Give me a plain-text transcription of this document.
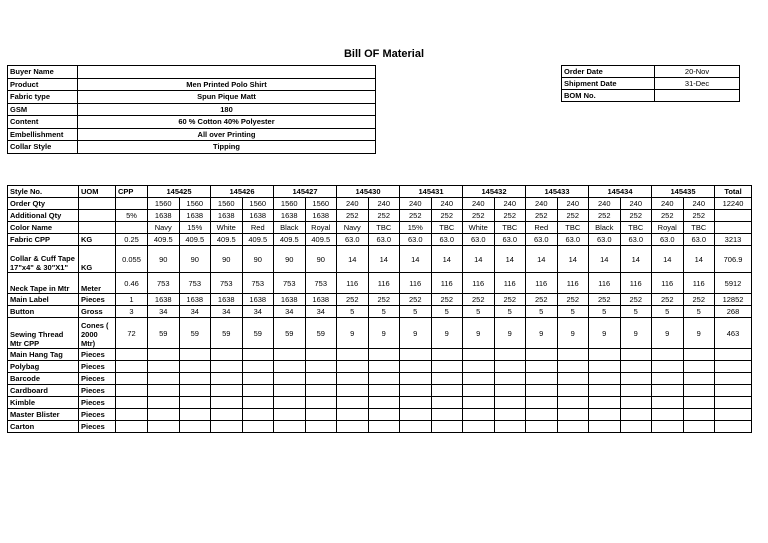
Bill OF Material
Buyer Name	
Product	Men Printed Polo Shirt
Fabric type	Spun Pique Matt
GSM	180
Content	60 % Cotton 40% Polyester
Embellishment	All over Printing
Collar Style	Tipping
Order Date	20-Nov
Shipment Date	31-Dec
BOM No.	
Style No.	UOM	CPP	145425		145426		145427		145430		145431		145432		145433		145434		145435		Total
Order Qty			1560	1560	1560	1560	1560	1560	240	240	240	240	240	240	240	240	240	240	240	240	12240
Additional Qty		5%	1638	1638	1638	1638	1638	1638	252	252	252	252	252	252	252	252	252	252	252	252	
Color Name			Navy	15%	White	Red	Black	Royal	Navy	TBC	15%	TBC	White	TBC	Red	TBC	Black	TBC	Royal	TBC	
Fabric CPP	KG	0.25	409.5	409.5	409.5	409.5	409.5	409.5	63.0	63.0	63.0	63.0	63.0	63.0	63.0	63.0	63.0	63.0	63.0	63.0	3213
Collar & Cuff Tape 17"x4" & 30"X1"	KG	0.055	90	90	90	90	90	90	14	14	14	14	14	14	14	14	14	14	14	14	706.9
Neck Tape in Mtr	Meter	0.46	753	753	753	753	753	753	116	116	116	116	116	116	116	116	116	116	116	116	5912
Main Label	Pieces	1	1638	1638	1638	1638	1638	1638	252	252	252	252	252	252	252	252	252	252	252	252	12852
Button	Gross	3	34	34	34	34	34	34	5	5	5	5	5	5	5	5	5	5	5	5	268
Sewing Thread Mtr CPP	Cones ( 2000 Mtr)	72	59	59	59	59	59	59	9	9	9	9	9	9	9	9	9	9	9	9	463
Main Hang Tag	Pieces																				
Polybag	Pieces																				
Barcode	Pieces																				
Cardboard	Pieces																				
Kimble	Pieces																				
Master Blister	Pieces																				
Carton	Pieces																				
